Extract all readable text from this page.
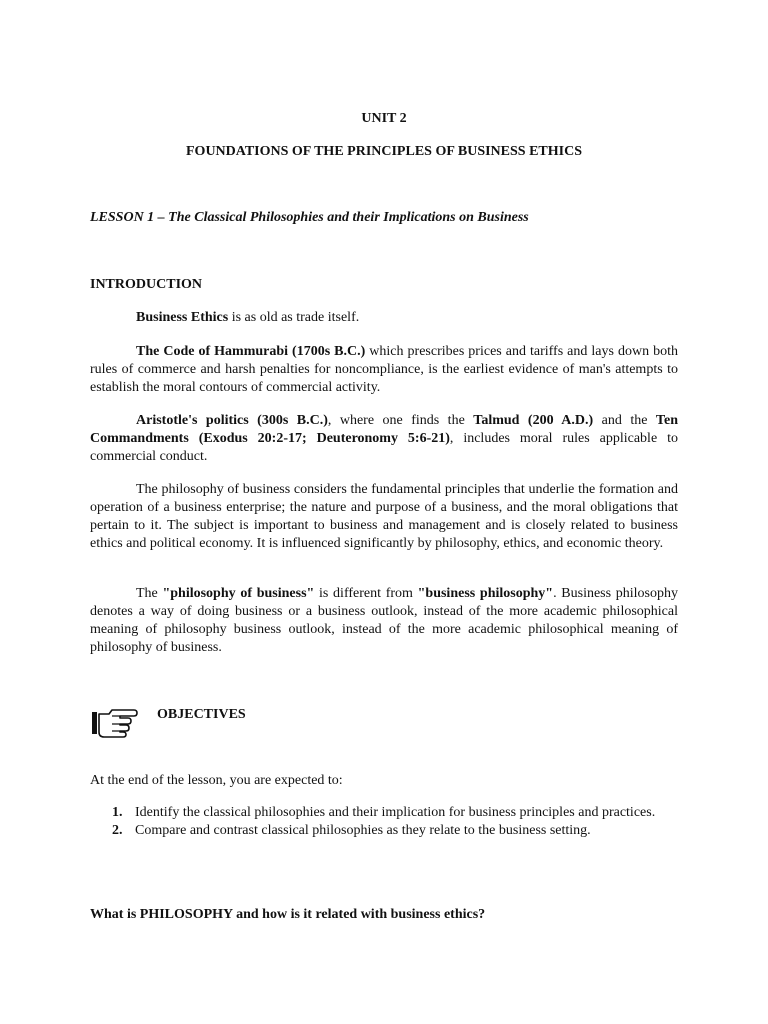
UNIT 2
FOUNDATIONS OF THE PRINCIPLES OF BUSINESS ETHICS
LESSON 1 – The Classical Philosophies and their Implications on Business
INTRODUCTION
Business Ethics is as old as trade itself.
The Code of Hammurabi (1700s B.C.) which prescribes prices and tariffs and lays down both rules of commerce and harsh penalties for noncompliance, is the earliest evidence of man's attempts to establish the moral contours of commercial activity.
Aristotle's politics (300s B.C.), where one finds the Talmud (200 A.D.) and the Ten Commandments (Exodus 20:2-17; Deuteronomy 5:6-21), includes moral rules applicable to commercial conduct.
The philosophy of business considers the fundamental principles that underlie the formation and operation of a business enterprise; the nature and purpose of a business, and the moral obligations that pertain to it. The subject is important to business and management and is closely related to business ethics and political economy. It is influenced significantly by philosophy, ethics, and economic theory.
The "philosophy of business" is different from "business philosophy". Business philosophy denotes a way of doing business or a business outlook, instead of the more academic philosophical meaning of philosophy business outlook, instead of the more academic philosophical meaning of philosophy of business.
OBJECTIVES
At the end of the lesson, you are expected to:
1. Identify the classical philosophies and their implication for business principles and practices.
2. Compare and contrast classical philosophies as they relate to the business setting.
What is PHILOSOPHY and how is it related with business ethics?
